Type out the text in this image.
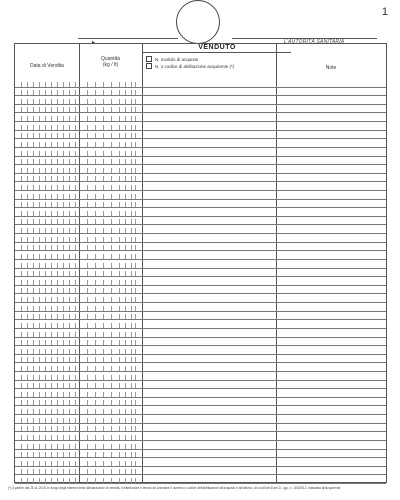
1
▸	L'AUTORITÀ SANITARIA
VENDUTO
Data di Vendita
Quantità
(kg / lt)
N. modulo di acquisto
N. o codice di abilitazione acquirente (*)	Note
(*) A partire dal 26.11.2015, in luogo degli estremi della dichiarazione di vendita, il distributore è tenuto ad annotare il numero o codice dell'abilitazione all'acquisto e all'utilizzo, di cui all'art.8 del D. Lgs. n. 150/2012, rilasciata all'acquirente.
